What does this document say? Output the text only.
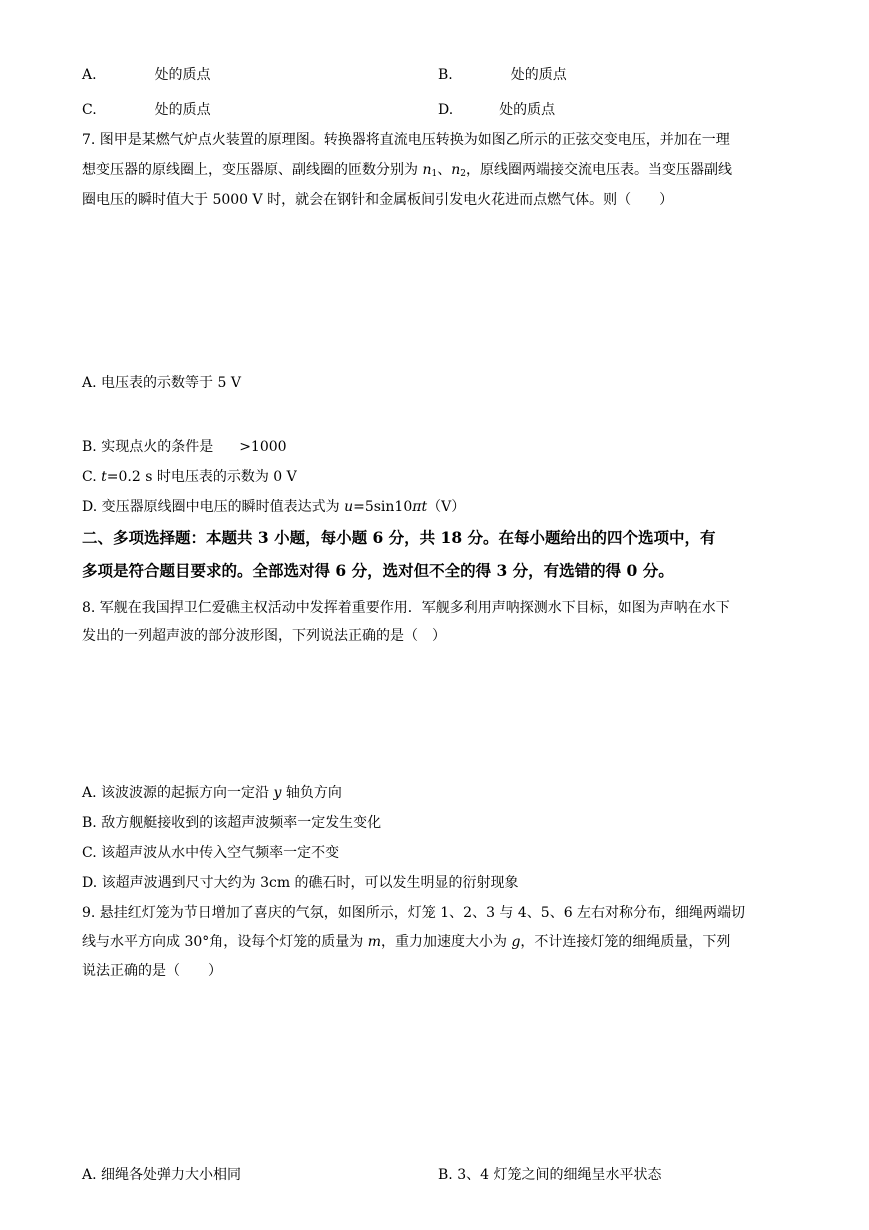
A.	处的质点	B.	处的质点
C.	处的质点	D.	处的质点
7. 图甲是某燃气炉点火装置的原理图。转换器将直流电压转换为如图乙所示的正弦交变电压，并加在一理
想变压器的原线圈上，变压器原、副线圈的匝数分别为 $n_1$、$n_2$，原线圈两端接交流电压表。当变压器副线
圈电压的瞬时值大于 5000 V 时，就会在钢针和金属板间引发电火花进而点燃气体。则（　　）
A. 电压表的示数等于 5 V
B. 实现点火的条件是 >1000
C. t=0.2 s 时电压表的示数为 0 V
D. 变压器原线圈中电压的瞬时值表达式为 u=5sin10πt（V）
二、多项选择题：本题共 3 小题，每小题 6 分，共 18 分。在每小题给出的四个选项中，有
多项是符合题目要求的。全部选对得 6 分，选对但不全的得 3 分，有选错的得 0 分。
8. 军舰在我国捍卫仁爱礁主权活动中发挥着重要作用．军舰多利用声呐探测水下目标，如图为声呐在水下
发出的一列超声波的部分波形图，下列说法正确的是（　）
A. 该波波源的起振方向一定沿 y 轴负方向
B. 敌方舰艇接收到的该超声波频率一定发生变化
C. 该超声波从水中传入空气频率一定不变
D. 该超声波遇到尺寸大约为 3cm 的礁石时，可以发生明显的衍射现象
9. 悬挂红灯笼为节日增加了喜庆的气氛，如图所示，灯笼 1、2、3 与 4、5、6 左右对称分布，细绳两端切
线与水平方向成 30°角，设每个灯笼的质量为 m，重力加速度大小为 g，不计连接灯笼的细绳质量，下列
说法正确的是（　　）
A. 细绳各处弹力大小相同	B. 3、4 灯笼之间的细绳呈水平状态
